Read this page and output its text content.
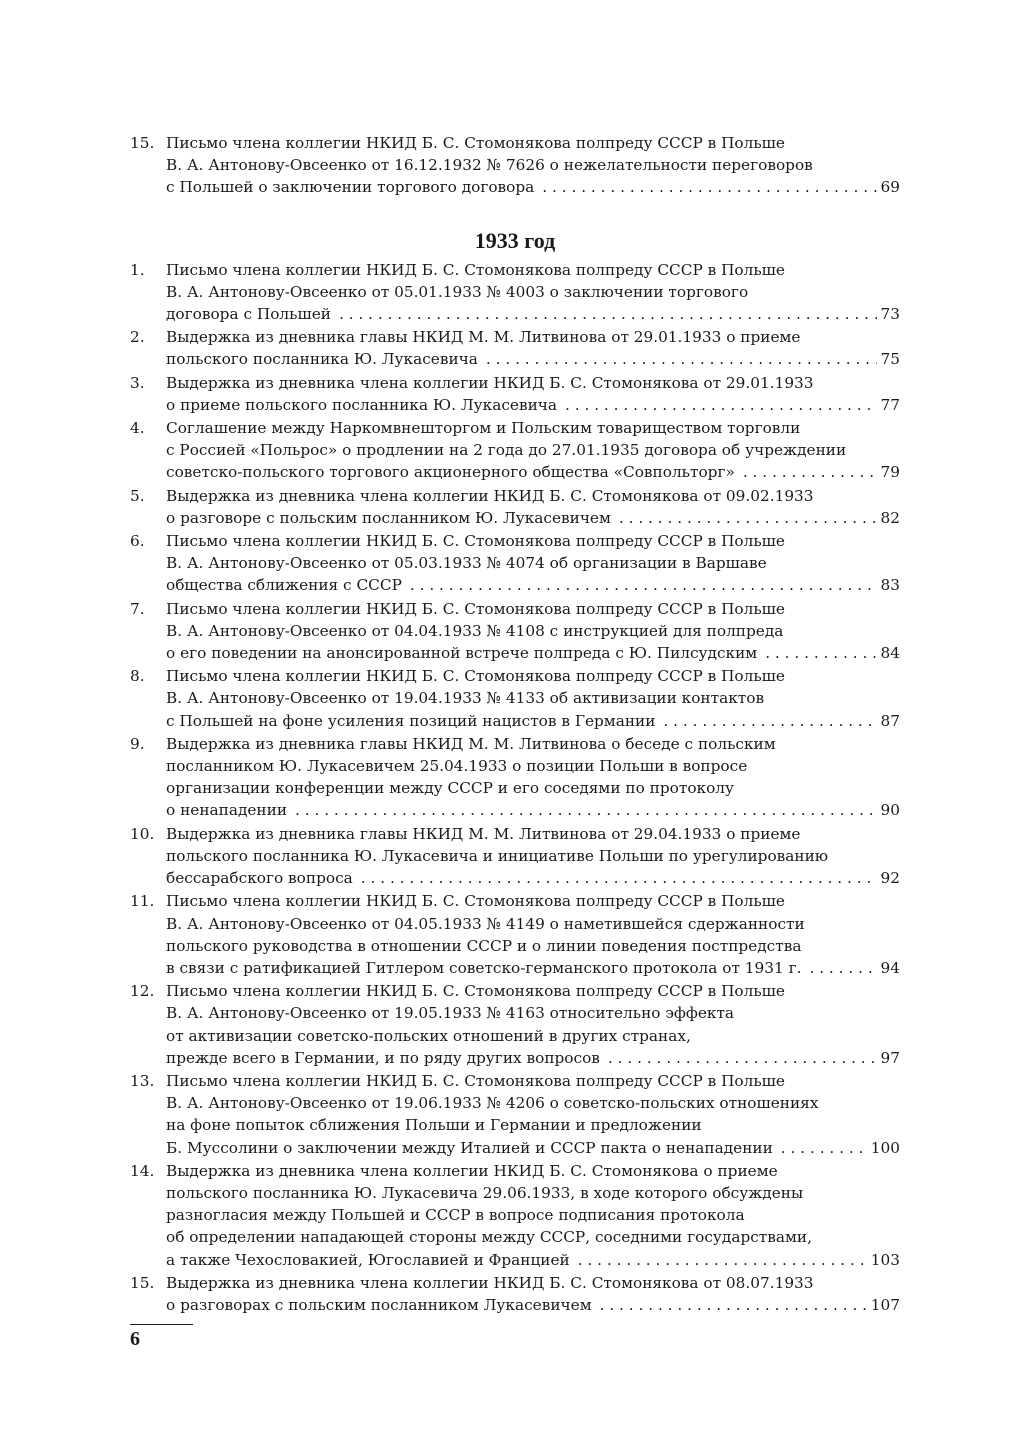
15. Письмо члена коллегии НКИД Б. С. Стомонякова полпреду СССР в Польше
В. А. Антонову-Овсеенко от 16.12.1932 № 7626 о нежелательности переговоров
с Польшей о заключении торгового договора . . .	69
1933 год
1.	Письмо члена коллегии НКИД Б. С. Стомонякова полпреду СССР в Польше
В. А. Антонову-Овсеенко от 05.01.1933 № 4003 о заключении торгового
договора с Польшей . . .	73
2.	Выдержка из дневника главы НКИД М. М. Литвинова от 29.01.1933 о приеме
польского посланника Ю. Лукасевича . . .	75
3.	Выдержка из дневника члена коллегии НКИД Б. С. Стомонякова от 29.01.1933
о приеме польского посланника Ю. Лукасевича . . .	77
4.	Соглашение между Наркомвнешторгом и Польским товариществом торговли
с Россией «Польрос» о продлении на 2 года до 27.01.1935 договора об учреждении
советско-польского торгового акционерного общества «Совпольторг» . . .	79
5.	Выдержка из дневника члена коллегии НКИД Б. С. Стомонякова от 09.02.1933
о разговоре с польским посланником Ю. Лукасевичем . . .	82
6.	Письмо члена коллегии НКИД Б. С. Стомонякова полпреду СССР в Польше
В. А. Антонову-Овсеенко от 05.03.1933 № 4074 об организации в Варшаве
общества сближения с СССР . . .	83
7.	Письмо члена коллегии НКИД Б. С. Стомонякова полпреду СССР в Польше
В. А. Антонову-Овсеенко от 04.04.1933 № 4108 с инструкцией для полпреда
о его поведении на анонсированной встрече полпреда с Ю. Пилсудским . . .	84
8.	Письмо члена коллегии НКИД Б. С. Стомонякова полпреду СССР в Польше
В. А. Антонову-Овсеенко от 19.04.1933 № 4133 об активизации контактов
с Польшей на фоне усиления позиций нацистов в Германии . . .	87
9.	Выдержка из дневника главы НКИД М. М. Литвинова о беседе с польским
посланником Ю. Лукасевичем 25.04.1933 о позиции Польши в вопросе
организации конференции между СССР и его соседями по протоколу
о ненападении . . .	90
10. Выдержка из дневника главы НКИД М. М. Литвинова от 29.04.1933 о приеме
польского посланника Ю. Лукасевича и инициативе Польши по урегулированию
бессарабского вопроса . . .	92
11. Письмо члена коллегии НКИД Б. С. Стомонякова полпреду СССР в Польше
В. А. Антонову-Овсеенко от 04.05.1933 № 4149 о наметившейся сдержанности
польского руководства в отношении СССР и о линии поведения постпредства
в связи с ратификацией Гитлером советско-германского протокола от 1931 г. . . .	94
12. Письмо члена коллегии НКИД Б. С. Стомонякова полпреду СССР в Польше
В. А. Антонову-Овсеенко от 19.05.1933 № 4163 относительно эффекта
от активизации советско-польских отношений в других странах,
прежде всего в Германии, и по ряду других вопросов . . .	97
13. Письмо члена коллегии НКИД Б. С. Стомонякова полпреду СССР в Польше
В. А. Антонову-Овсеенко от 19.06.1933 № 4206 о советско-польских отношениях
на фоне попыток сближения Польши и Германии и предложении
Б. Муссолини о заключении между Италией и СССР пакта о ненападении . . .	100
14. Выдержка из дневника члена коллегии НКИД Б. С. Стомонякова о приеме
польского посланника Ю. Лукасевича 29.06.1933, в ходе которого обсуждены
разногласия между Польшей и СССР в вопросе подписания протокола
об определении нападающей стороны между СССР, соседними государствами,
а также Чехословакией, Югославией и Францией . . .	103
15. Выдержка из дневника члена коллегии НКИД Б. С. Стомонякова от 08.07.1933
о разговорах с польским посланником Лукасевичем . . .	107
6
